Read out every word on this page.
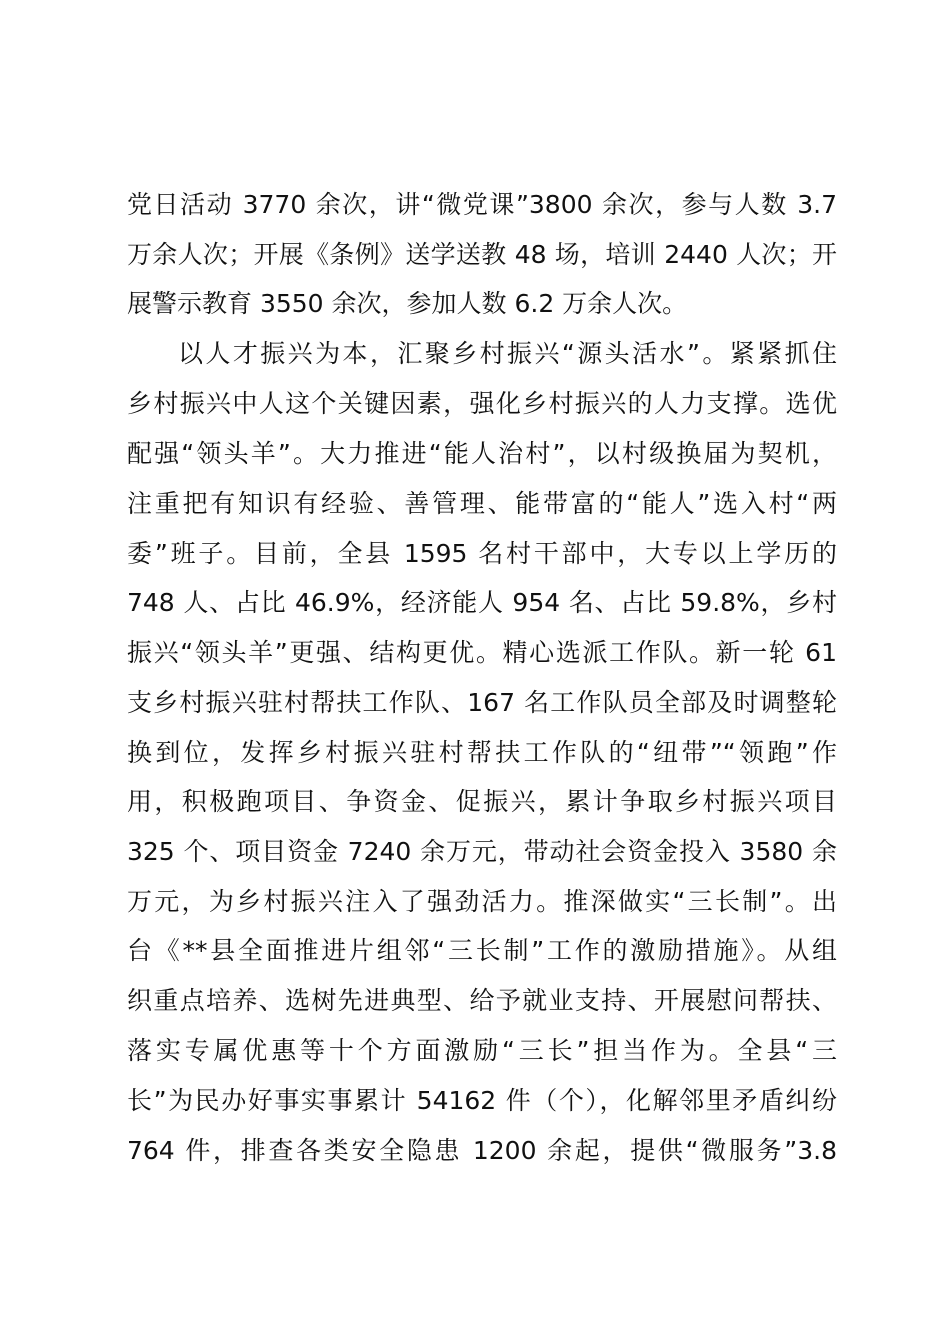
党日活动 3770 余次，讲“微党课”3800 余次，参与人数 3.7
万余人次；开展《条例》送学送教 48 场，培训 2440 人次；开
展警示教育 3550 余次，参加人数 6.2 万余人次。
以人才振兴为本，汇聚乡村振兴“源头活水”。紧紧抓住
乡村振兴中人这个关键因素，强化乡村振兴的人力支撑。选优
配强“领头羊”。大力推进“能人治村”，以村级换届为契机，
注重把有知识有经验、善管理、能带富的“能人”选入村“两
委”班子。目前，全县 1595 名村干部中，大专以上学历的
748 人、占比 46.9%，经济能人 954 名、占比 59.8%，乡村
振兴“领头羊”更强、结构更优。精心选派工作队。新一轮 61
支乡村振兴驻村帮扶工作队、167 名工作队员全部及时调整轮
换到位，发挥乡村振兴驻村帮扶工作队的“纽带”“领跑”作
用，积极跑项目、争资金、促振兴，累计争取乡村振兴项目
325 个、项目资金 7240 余万元，带动社会资金投入 3580 余
万元，为乡村振兴注入了强劲活力。推深做实“三长制”。出
台《**县全面推进片组邻“三长制”工作的激励措施》。从组
织重点培养、选树先进典型、给予就业支持、开展慰问帮扶、
落实专属优惠等十个方面激励“三长”担当作为。全县“三
长”为民办好事实事累计 54162 件（个），化解邻里矛盾纠纷
764 件，排查各类安全隐患 1200 余起，提供“微服务”3.8
